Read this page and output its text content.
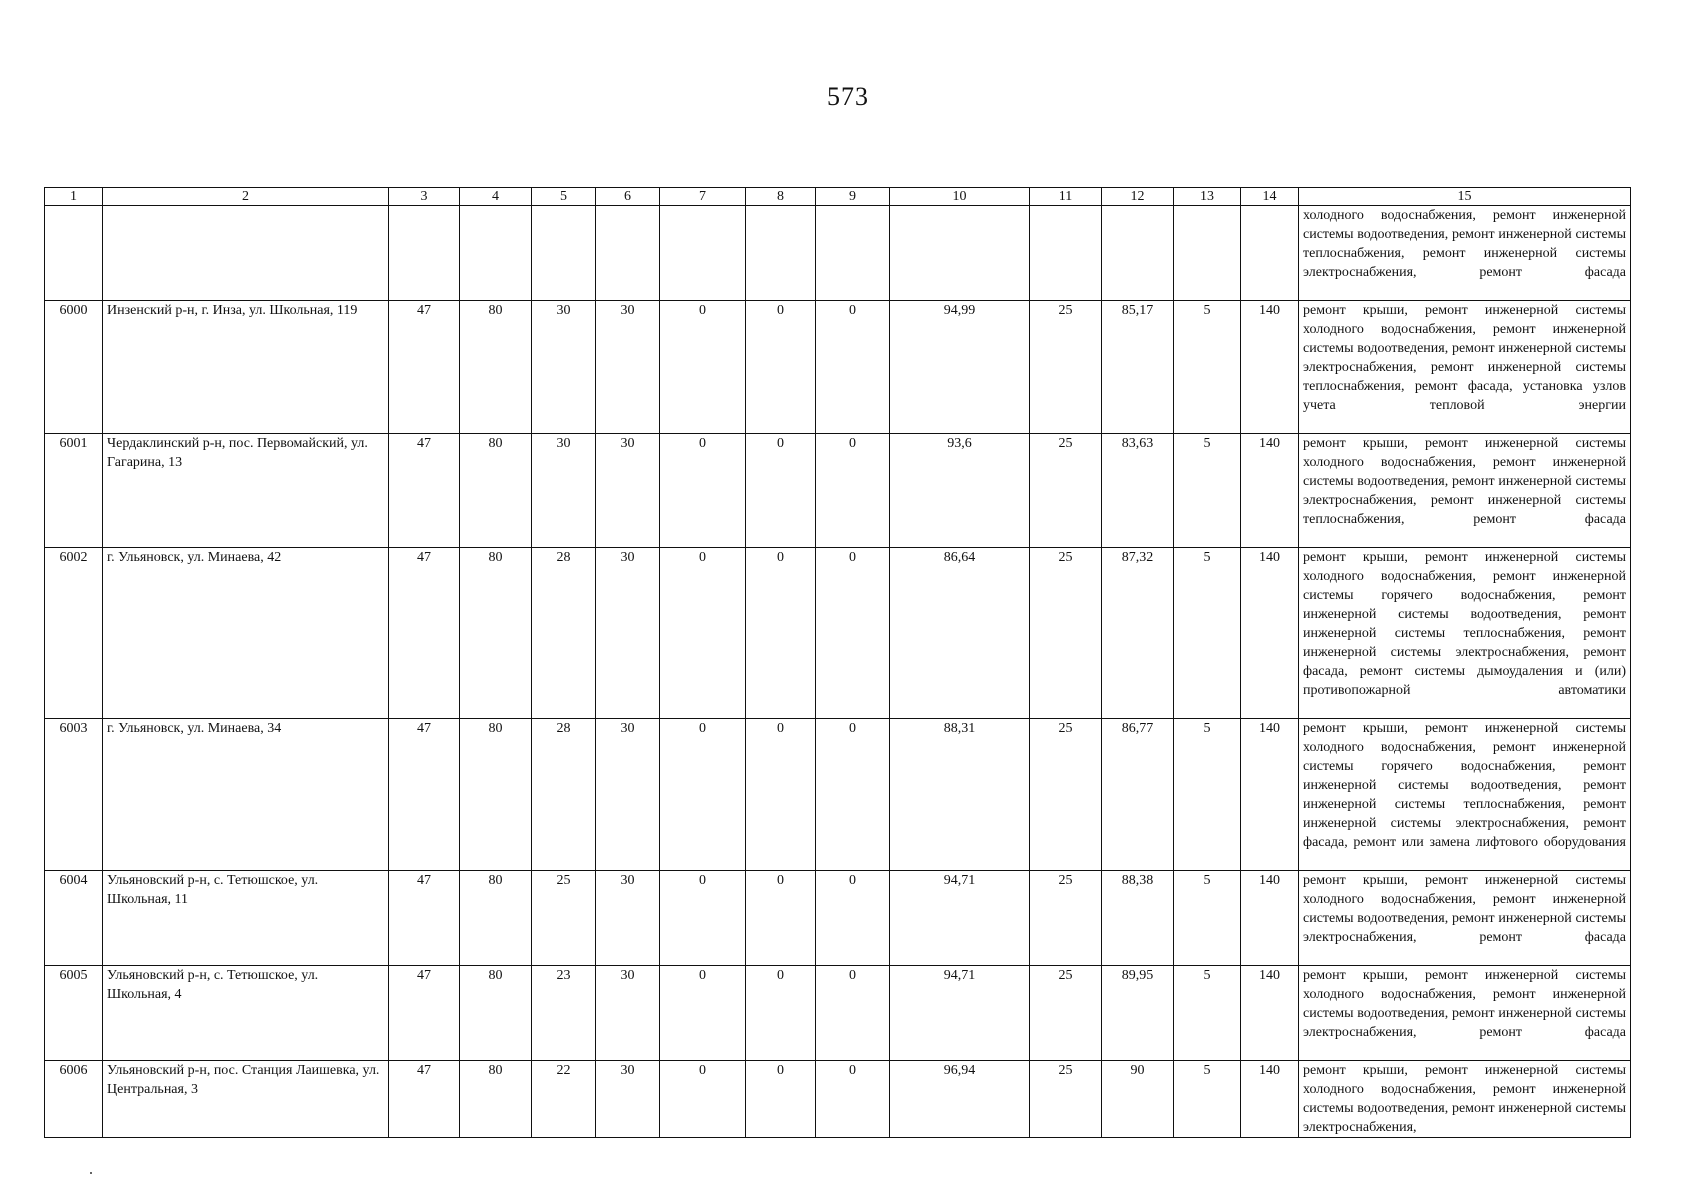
573
1	2	3	4	5	6	7	8	9	10	11	12	13	14	15
														холодного водоснабжения, ремонт инженерной системы водоотведения, ремонт инженерной системы теплоснабжения, ремонт инженерной системы электроснабжения, ремонт фасада
6000	Инзенский р-н, г. Инза, ул. Школьная, 119	47	80	30	30	0	0	0	94,99	25	85,17	5	140	ремонт крыши, ремонт инженерной системы холодного водоснабжения, ремонт инженерной системы водоотведения, ремонт инженерной системы электроснабжения, ремонт инженерной системы теплоснабжения, ремонт фасада, установка узлов учета тепловой энергии
6001	Чердаклинский р-н, пос. Первомайский, ул. Гагарина, 13	47	80	30	30	0	0	0	93,6	25	83,63	5	140	ремонт крыши, ремонт инженерной системы холодного водоснабжения, ремонт инженерной системы водоотведения, ремонт инженерной системы электроснабжения, ремонт инженерной системы теплоснабжения, ремонт фасада
6002	г. Ульяновск, ул. Минаева, 42	47	80	28	30	0	0	0	86,64	25	87,32	5	140	ремонт крыши, ремонт инженерной системы холодного водоснабжения, ремонт инженерной системы горячего водоснабжения, ремонт инженерной системы водоотведения, ремонт инженерной системы теплоснабжения, ремонт инженерной системы электроснабжения, ремонт фасада, ремонт системы дымоудаления и (или) противопожарной автоматики
6003	г. Ульяновск, ул. Минаева, 34	47	80	28	30	0	0	0	88,31	25	86,77	5	140	ремонт крыши, ремонт инженерной системы холодного водоснабжения, ремонт инженерной системы горячего водоснабжения, ремонт инженерной системы водоотведения, ремонт инженерной системы теплоснабжения, ремонт инженерной системы электроснабжения, ремонт фасада, ремонт или замена лифтового оборудования
6004	Ульяновский р-н, с. Тетюшское, ул. Школьная, 11	47	80	25	30	0	0	0	94,71	25	88,38	5	140	ремонт крыши, ремонт инженерной системы холодного водоснабжения, ремонт инженерной системы водоотведения, ремонт инженерной системы электроснабжения, ремонт фасада
6005	Ульяновский р-н, с. Тетюшское, ул. Школьная, 4	47	80	23	30	0	0	0	94,71	25	89,95	5	140	ремонт крыши, ремонт инженерной системы холодного водоснабжения, ремонт инженерной системы водоотведения, ремонт инженерной системы электроснабжения, ремонт фасада
6006	Ульяновский р-н, пос. Станция Лаишевка, ул. Центральная, 3	47	80	22	30	0	0	0	96,94	25	90	5	140	ремонт крыши, ремонт инженерной системы холодного водоснабжения, ремонт инженерной системы водоотведения, ремонт инженерной системы электроснабжения,
